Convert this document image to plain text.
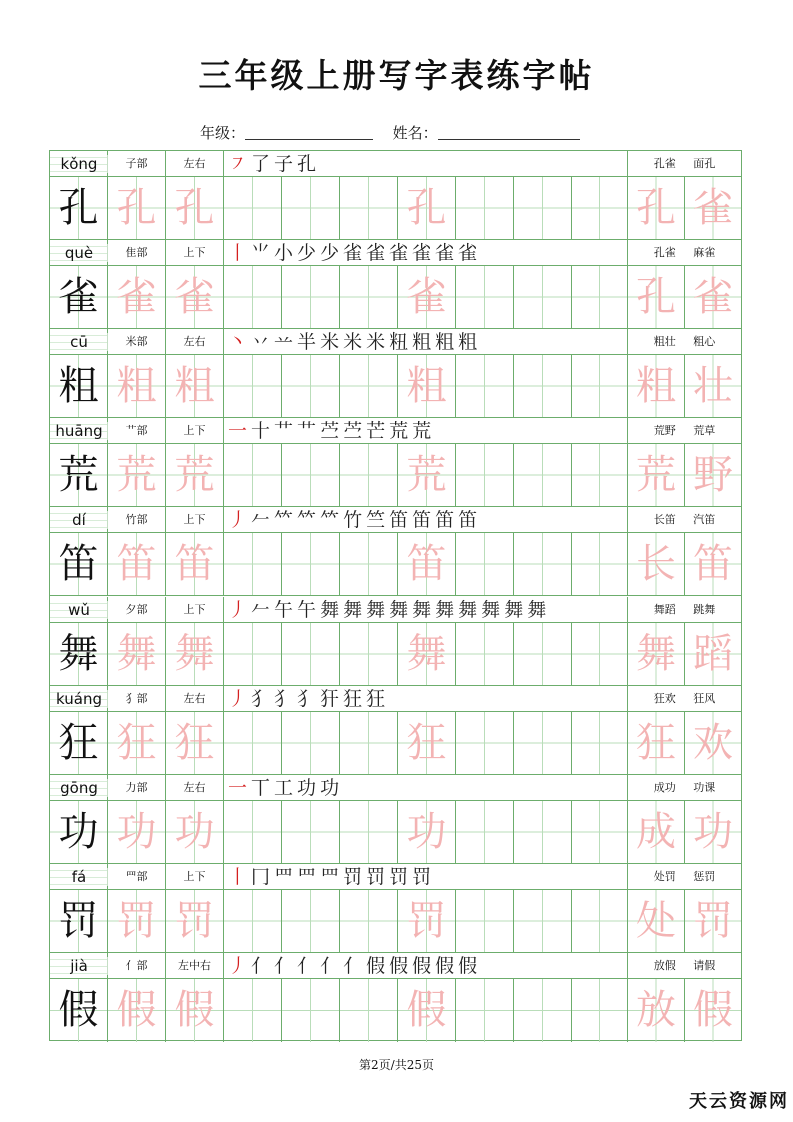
三年级上册写字表练字帖
年级：	姓名：
kǒng	子部	左右	㇇ 了 子 孔	孔雀 面孔
孔 孔 孔	孔	孔 雀
què	隹部	上下	丨 ⺌ 小 少 少 雀 雀 雀 雀 雀 雀	孔雀 麻雀
雀 雀 雀	雀	孔 雀
cū	米部	左右	丶 丷 䒑 半 米 米 米 粈 粗 粗 粗	粗壮 粗心
粗 粗 粗	粗	粗 壮
huāng	艹部	上下	一 十 艹 艹 苎 苎 芒 荒 荒	荒野 荒草
荒 荒 荒	荒	荒 野
dí	竹部	上下	丿 𠂉 𥫗 𥫗 𥫗 竹 竺 笛 笛 笛 笛	长笛 汽笛
笛 笛 笛	笛	长 笛
wǔ	夕部	上下	丿 𠂉 午 午 舞 舞 舞 舞 舞 舞 舞 舞 舞 舞	舞蹈 跳舞
舞 舞 舞	舞	舞 蹈
kuáng	犭部	左右	丿 犭 犭 犭 犴 狂 狂	狂欢 狂风
狂 狂 狂	狂	狂 欢
gōng	力部	左右	一 丅 工 功 功	成功 功课
功 功 功	功	成 功
fá	罒部	上下	丨 冂 罒 罒 罒 罚 罚 罚 罚	处罚 惩罚
罚 罚 罚	罚	处 罚
jià	亻部	左中右 丿 亻 亻 亻 亻 亻 假 假 假 假 假	放假 请假
假 假 假	假	放 假
第2页/共25页
天云资源网
